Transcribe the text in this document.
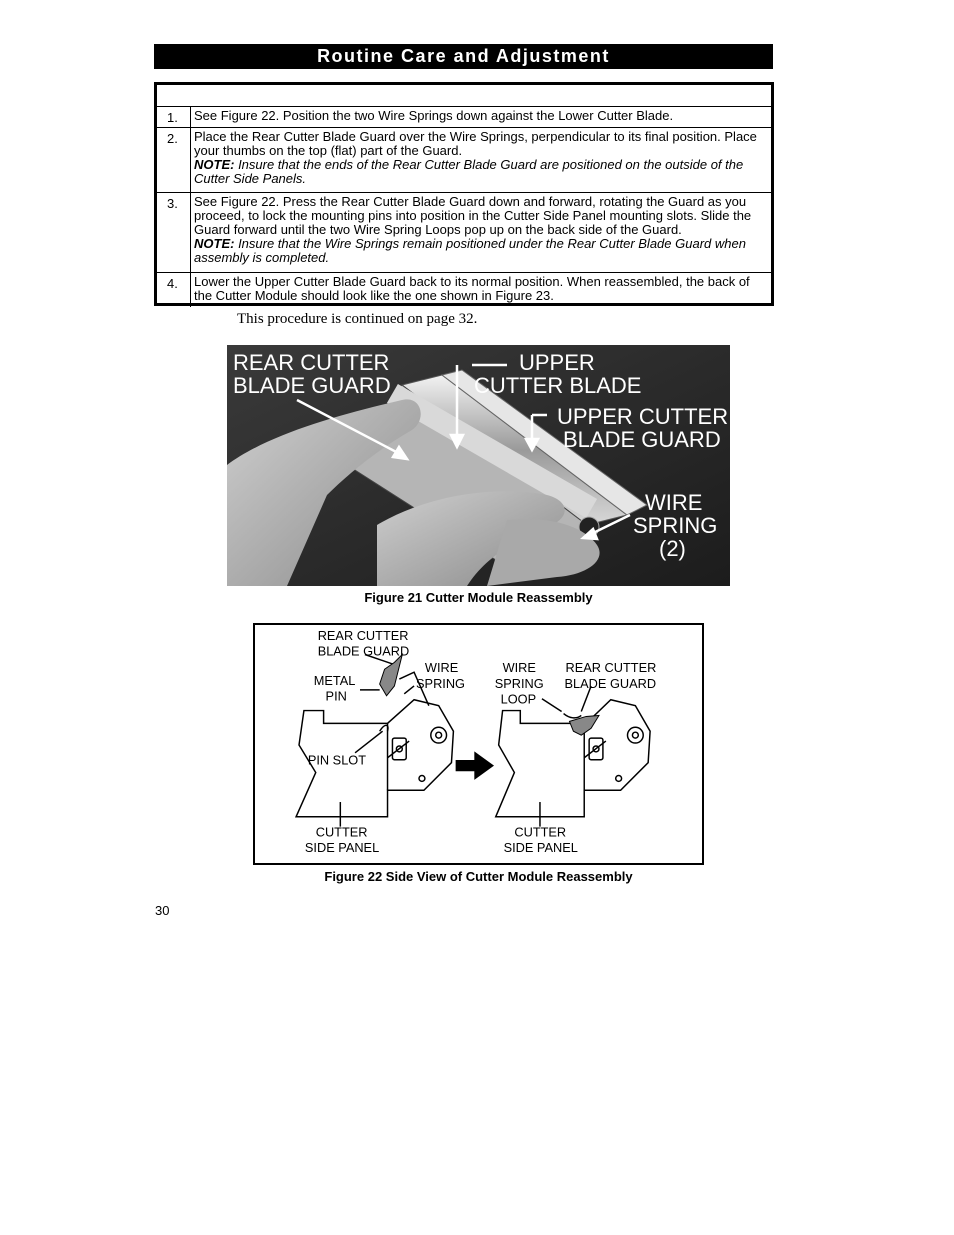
Routine Care and Adjustment
1.	See Figure 22. Position the two Wire Springs down against the Lower Cutter Blade.
2.	Place the Rear Cutter Blade Guard over the Wire Springs, perpendicular to its final position. Place your thumbs on the top (flat) part of the Guard.
NOTE: Insure that the ends of the Rear Cutter Blade Guard are positioned on the outside of the Cutter Side Panels.
3.	See Figure 22. Press the Rear Cutter Blade Guard down and forward, rotating the Guard as you proceed, to lock the mounting pins into position in the Cutter Side Panel mounting slots. Slide the Guard forward until the two Wire Spring Loops pop up on the back side of the Guard.
NOTE: Insure that the Wire Springs remain positioned under the Rear Cutter Blade Guard when assembly is completed.
4.	Lower the Upper Cutter Blade Guard back to its normal position. When reassembled, the back of the Cutter Module should look like the one shown in Figure 23.
This procedure is continued on page 32.
REAR CUTTER
BLADE GUARD
UPPER
CUTTER BLADE
UPPER CUTTER
BLADE GUARD
WIRE
SPRING
(2)
Figure 21 Cutter Module Reassembly
REAR CUTTER
BLADE GUARD
METAL
PIN
WIRE
SPRING
PIN SLOT
CUTTER
SIDE PANEL
WIRE
SPRING
LOOP
REAR CUTTER
BLADE GUARD
CUTTER
SIDE PANEL
Figure 22 Side View of Cutter Module Reassembly
30
